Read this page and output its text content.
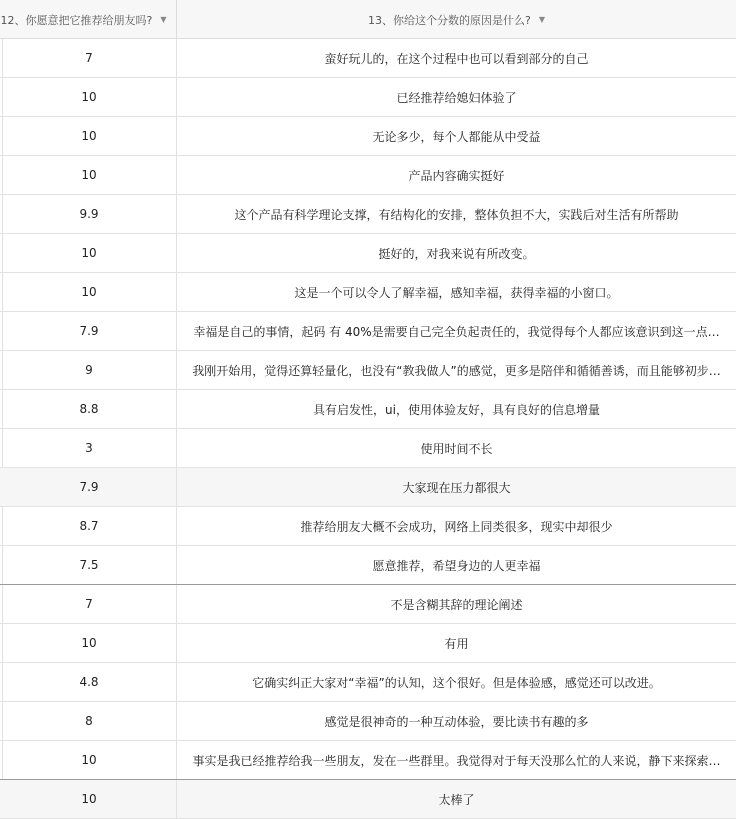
12、你愿意把它推荐给朋友吗? ▼	13、你给这个分数的原因是什么? ▼
7	蛮好玩儿的，在这个过程中也可以看到部分的自己
10	已经推荐给媳妇体验了
10	无论多少，每个人都能从中受益
10	产品内容确实挺好
9.9	这个产品有科学理论支撑，有结构化的安排，整体负担不大，实践后对生活有所帮助
10	挺好的，对我来说有所改变。
10	这是一个可以令人了解幸福，感知幸福，获得幸福的小窗口。
7.9	幸福是自己的事情，起码 有 40%是需要自己完全负起责任的，我觉得每个人都应该意识到这一点…
9	我刚开始用，觉得还算轻量化，也没有“教我做人”的感觉，更多是陪伴和循循善诱，而且能够初步…
8.8	具有启发性，ui，使用体验友好，具有良好的信息增量
3	使用时间不长
7.9	大家现在压力都很大
8.7	推荐给朋友大概不会成功，网络上同类很多，现实中却很少
7.5	愿意推荐，希望身边的人更幸福
7	不是含糊其辞的理论阐述
10	有用
4.8	它确实纠正大家对“幸福”的认知，这个很好。但是体验感，感觉还可以改进。
8	感觉是很神奇的一种互动体验，要比读书有趣的多
10	事实是我已经推荐给我一些朋友，发在一些群里。我觉得对于每天没那么忙的人来说，静下来探索…
10	太棒了
